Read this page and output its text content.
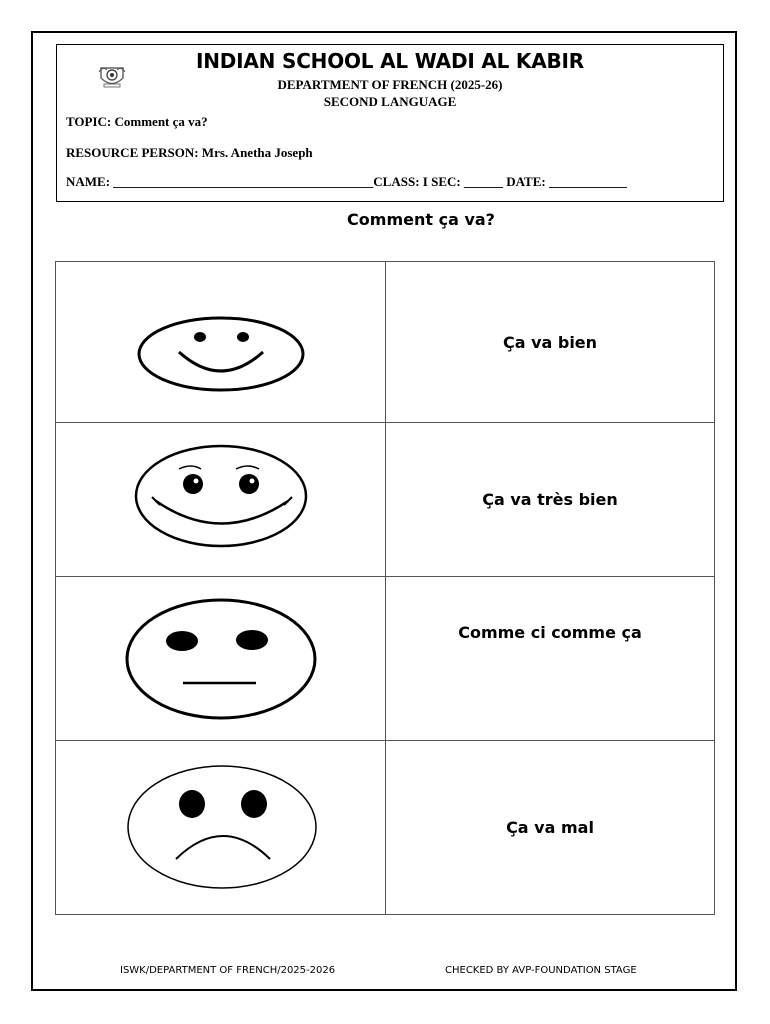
INDIAN SCHOOL AL WADI AL KABIR
DEPARTMENT OF FRENCH (2025-26)
SECOND LANGUAGE
TOPIC: Comment ça va?
RESOURCE PERSON: Mrs. Anetha Joseph
NAME: ________________________________________CLASS: I SEC: ______ DATE: ____________
Comment ça va?
	Ça va bien

	Ça va très bien

	Comme ci comme ça

	Ça va mal
ISWK/DEPARTMENT OF FRENCH/2025-2026	CHECKED BY AVP-FOUNDATION STAGE
